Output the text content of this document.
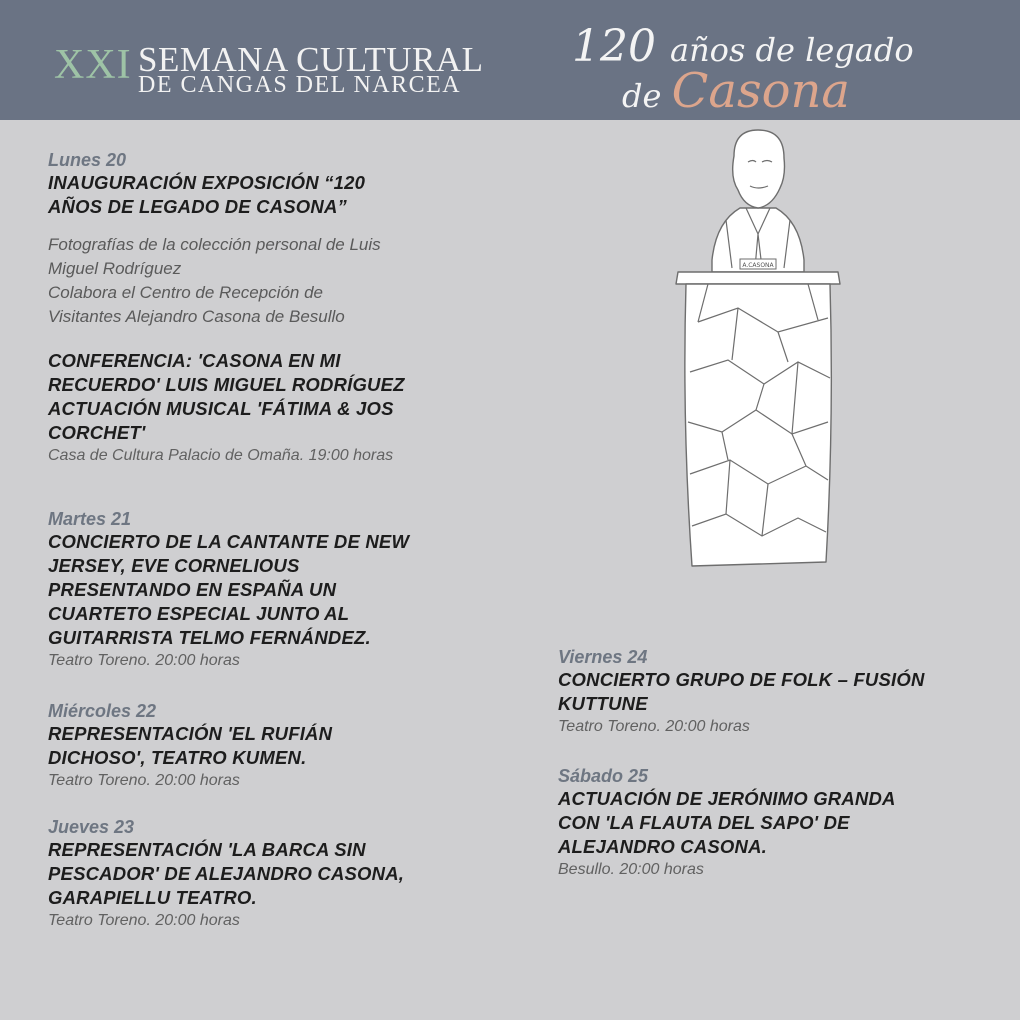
XXI SEMANA CULTURAL
DE CANGAS DEL NARCEA
120 años de legado
de Casona
A.CASONA
Lunes 20
INAUGURACIÓN EXPOSICIÓN “120
AÑOS DE LEGADO DE CASONA”
Fotografías de la colección personal de Luis
Miguel Rodríguez
Colabora el Centro de Recepción de
Visitantes Alejandro Casona de Besullo
CONFERENCIA: 'CASONA EN MI
RECUERDO' LUIS MIGUEL RODRÍGUEZ
ACTUACIÓN MUSICAL 'FÁTIMA & JOS
CORCHET'
Casa de Cultura Palacio de Omaña. 19:00 horas
Martes 21
CONCIERTO DE LA CANTANTE DE NEW
JERSEY, EVE CORNELIOUS
PRESENTANDO EN ESPAÑA UN
CUARTETO ESPECIAL JUNTO AL
GUITARRISTA TELMO FERNÁNDEZ.
Teatro Toreno. 20:00 horas
Miércoles 22
REPRESENTACIÓN 'EL RUFIÁN
DICHOSO', TEATRO KUMEN.
Teatro Toreno. 20:00 horas
Jueves 23
REPRESENTACIÓN 'LA BARCA SIN
PESCADOR' DE ALEJANDRO CASONA,
GARAPIELLU TEATRO.
Teatro Toreno. 20:00 horas
Viernes 24
CONCIERTO GRUPO DE FOLK – FUSIÓN
KUTTUNE
Teatro Toreno. 20:00 horas
Sábado 25
ACTUACIÓN DE JERÓNIMO GRANDA
CON 'LA FLAUTA DEL SAPO' DE
ALEJANDRO CASONA.
Besullo. 20:00 horas
